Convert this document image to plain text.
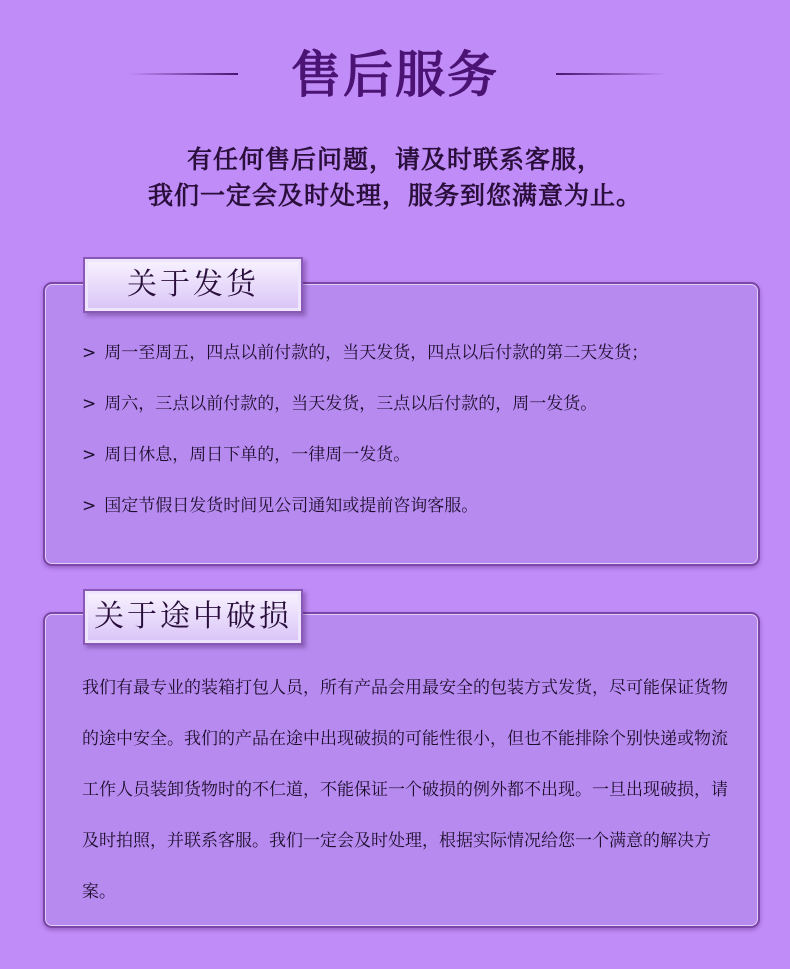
售后服务
有任何售后问题，请及时联系客服，
我们一定会及时处理，服务到您满意为止。
关于发货
> 周一至周五，四点以前付款的，当天发货，四点以后付款的第二天发货；
> 周六，三点以前付款的，当天发货，三点以后付款的，周一发货。
> 周日休息，周日下单的，一律周一发货。
> 国定节假日发货时间见公司通知或提前咨询客服。
关于途中破损

我们有最专业的装箱打包人员，所有产品会用最安全的包装方式发货，尽可能保证货物的途中安全。我们的产品在途中出现破损的可能性很小，但也不能排除个别快递或物流工作人员装卸货物时的不仁道，不能保证一个破损的例外都不出现。一旦出现破损，请及时拍照，并联系客服。我们一定会及时处理，根据实际情况给您一个满意的解决方案。
